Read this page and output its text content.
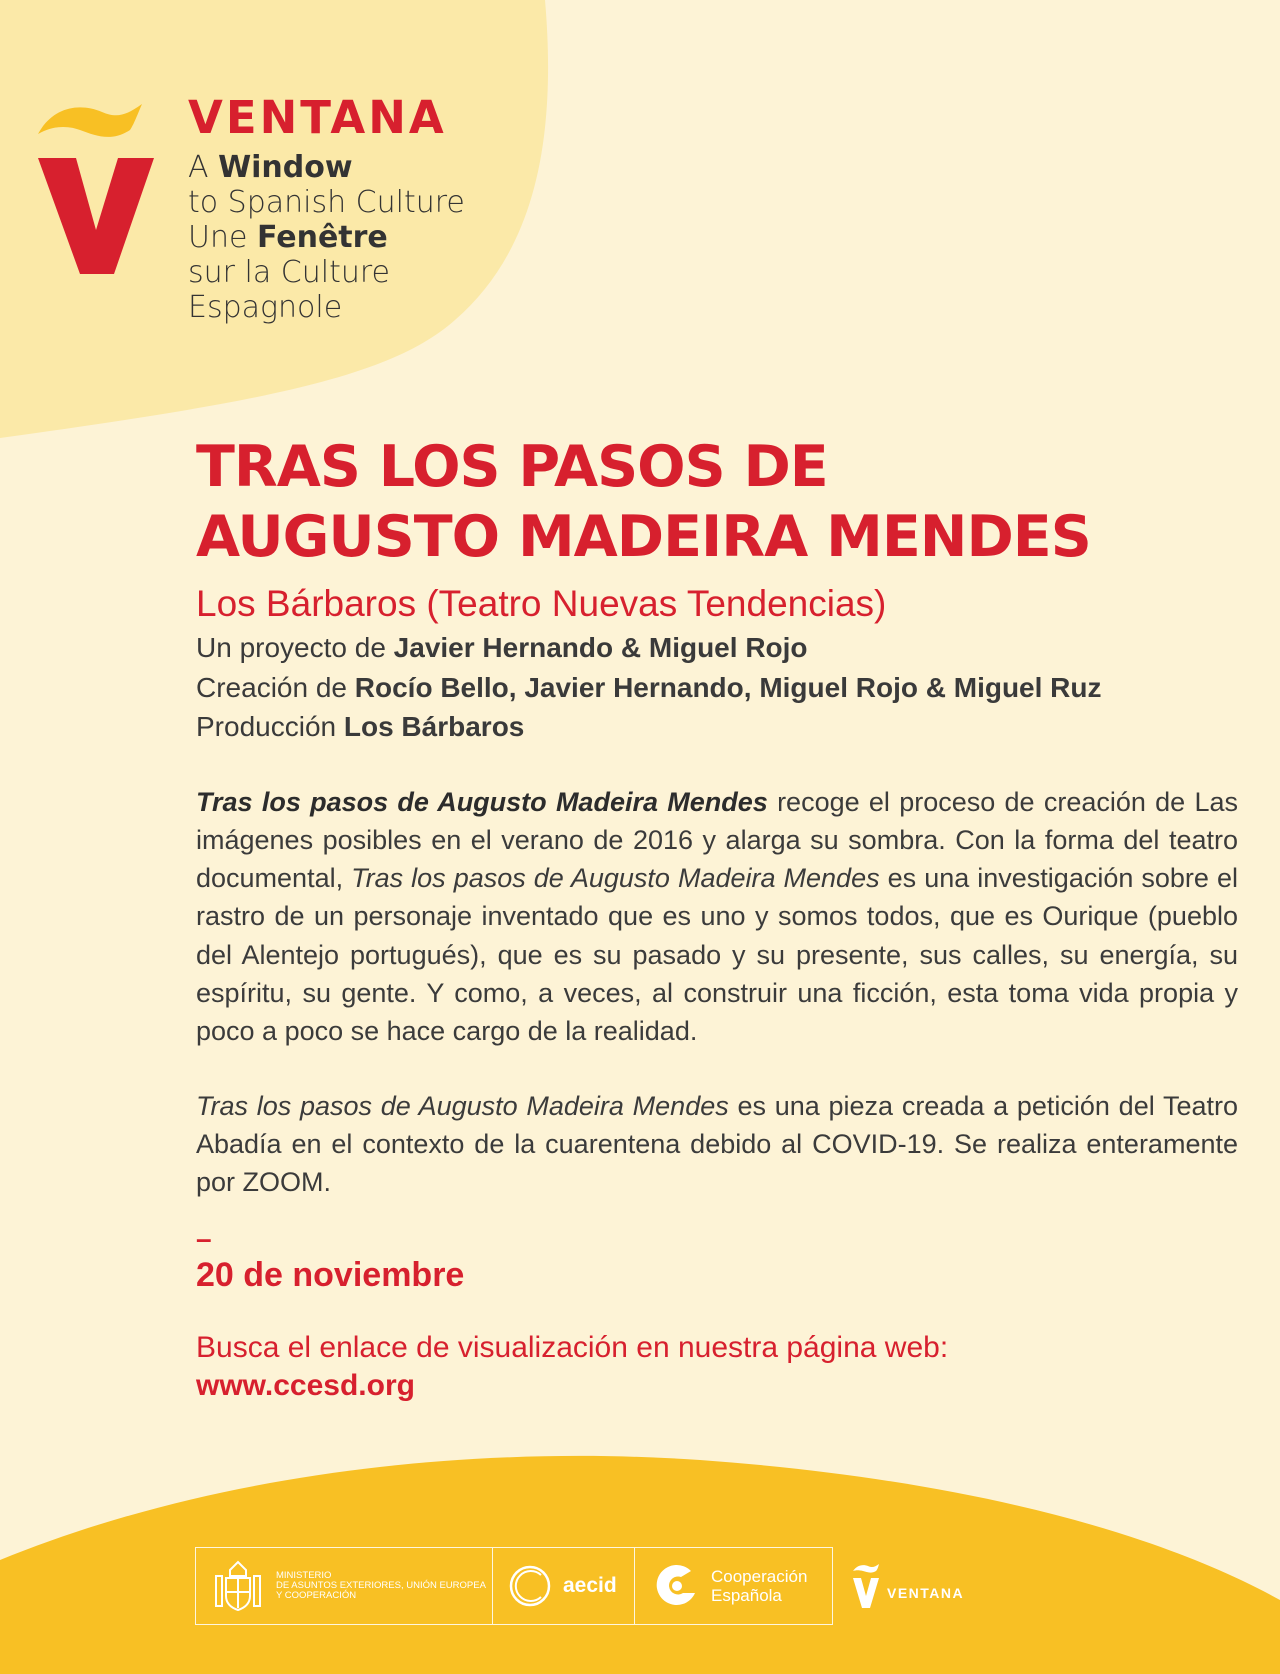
VENTANA
A Window
to Spanish Culture
Une Fenêtre
sur la Culture
Espagnole
TRAS LOS PASOS DE
AUGUSTO MADEIRA MENDES
Los Bárbaros (Teatro Nuevas Tendencias)
Un proyecto de Javier Hernando & Miguel Rojo
Creación de Rocío Bello, Javier Hernando, Miguel Rojo & Miguel Ruz
Producción Los Bárbaros
Tras los pasos de Augusto Madeira Mendes recoge el proceso de creación de Las imágenes posibles en el verano de 2016 y alarga su sombra. Con la forma del teatro documental, Tras los pasos de Augusto Madeira Mendes es una investigación sobre el rastro de un personaje inventado que es uno y somos todos, que es Ourique (pueblo del Alentejo portugués), que es su pasado y su presente, sus calles, su energía, su espíritu, su gente. Y como, a veces, al construir una ficción, esta toma vida propia y poco a poco se hace cargo de la realidad.
Tras los pasos de Augusto Madeira Mendes es una pieza creada a petición del Teatro Abadía en el contexto de la cuarentena debido al COVID-19. Se realiza enteramente por ZOOM.
–
20 de noviembre
Busca el enlace de visualización en nuestra página web:
www.ccesd.org
MINISTERIO
DE ASUNTOS EXTERIORES, UNIÓN EUROPEA
Y COOPERACIÓN	aecid	Cooperación
Española	VENTANA
